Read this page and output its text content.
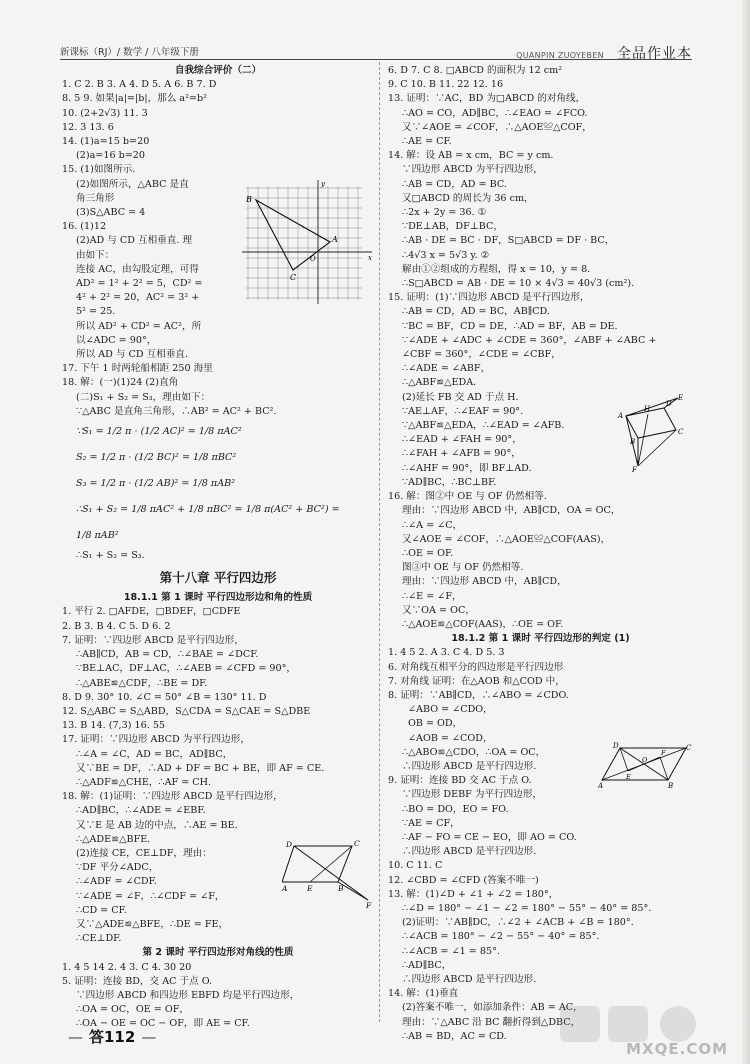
新课标（RJ）/ 数学 / 八年级下册	QUANPIN ZUOYEBEN 全品作业本
自我综合评价（二）
1. C 2. B 3. A 4. D 5. A 6. B 7. D
8. 5 9. 如果|a|=|b|，那么 a²=b²
10. (2+2√3) 11. 3
12. 3 13. 6
14. (1)a=15 b=20
(2)a=16 b=20
15. (1)如图所示.
(2)如图所示，△ABC 是直
角三角形
(3)S△ABC = 4
16. (1)12
(2)AD 与 CD 互相垂直. 理
由如下：
连接 AC，由勾股定理，可得
AD² = 1² + 2² = 5，CD² =
4² + 2² = 20，AC² = 3² +
5² = 25.
所以 AD² + CD² = AC²，所
以∠ADC = 90°，
所以 AD 与 CD 互相垂直.
17. 下午 1 时两轮船相距 250 海里
18. 解：(一)(1)24 (2)直角
(二)S₁ + S₂ = S₃，理由如下：
∵△ABC 是直角三角形，∴AB² = AC² + BC².
∵S₁ = 1/2 π · (1/2 AC)² = 1/8 πAC²
S₂ = 1/2 π · (1/2 BC)² = 1/8 πBC²
S₃ = 1/2 π · (1/2 AB)² = 1/8 πAB²
∴S₁ + S₂ = 1/8 πAC² + 1/8 πBC² = 1/8 π(AC² + BC²) =
1/8 πAB²
∴S₁ + S₂ = S₃.
第十八章 平行四边形
18.1.1 第 1 课时 平行四边形边和角的性质
1. 平行 2. □AFDE，□BDEF，□CDFE
2. B 3. B 4. C 5. D 6. 2
7. 证明：∵四边形 ABCD 是平行四边形，
∴AB∥CD，AB = CD，∴∠BAE = ∠DCF.
∵BE⊥AC，DF⊥AC，∴∠AEB = ∠CFD = 90°，
∴△ABE≌△CDF，∴BE = DF.
8. D 9. 30° 10. ∠C = 50° ∠B = 130° 11. D
12. S△ABC = S△ABD，S△CDA = S△CAE = S△DBE
13. B 14. (7,3) 16. 55
17. 证明：∵四边形 ABCD 为平行四边形，
∴∠A = ∠C，AD = BC，AD∥BC，
又∵BE = DF，∴AD + DF = BC + BE，即 AF = CE.
∴△ADF≌△CHE，∴AF = CH.
18. 解：(1)证明：∵四边形 ABCD 是平行四边形，
∴AD∥BC，∴∠ADE = ∠EBF.
又∵E 是 AB 边的中点，∴AE = BE.
∴△ADE≌△BFE.
(2)连接 CE，CE⊥DF，理由：
∵DF 平分∠ADC，
∴∠ADF = ∠CDF.
∵∠ADE = ∠F，∴∠CDF = ∠F，
∴CD = CF.
又∵△ADE≌△BFE，∴DE = FE，
∴CE⊥DF.
第 2 课时 平行四边形对角线的性质
1. 4 5 14 2. 4 3. C 4. 30 20
5. 证明：连接 BD，交 AC 于点 O.
∵四边形 ABCD 和四边形 EBFD 均是平行四边形，
∴OA = OC，OE = OF，
∴OA − OE = OC − OF，即 AE = CF.
6. D 7. C 8. □ABCD 的面积为 12 cm²
9. C 10. B 11. 22 12. 16
13. 证明：∵AC，BD 为□ABCD 的对角线，
∴AO = CO，AD∥BC，∴∠EAO = ∠FCO.
又∵∠AOE = ∠COF，∴△AOE≌△COF，
∴AE = CF.
14. 解：设 AB = x cm，BC = y cm.
∵四边形 ABCD 为平行四边形，
∴AB = CD，AD = BC.
又□ABCD 的周长为 36 cm，
∴2x + 2y = 36. ①
∵DE⊥AB，DF⊥BC，
∴AB · DE = BC · DF，S□ABCD = DF · BC，
∴4√3 x = 5√3 y. ②
解由①②组成的方程组，得 x = 10，y = 8.
∴S□ABCD = AB · DE = 10 × 4√3 = 40√3 (cm²).
15. 证明：(1)∵四边形 ABCD 是平行四边形，
∴AB = CD，AD = BC，AB∥CD.
∵BC = BF，CD = DE，∴AD = BF，AB = DE.
∵∠ADE + ∠ADC + ∠CDE = 360°，∠ABF + ∠ABC +
∠CBF = 360°，∠CDE = ∠CBF，
∴∠ADE = ∠ABF，
∴△ABF≌△EDA.
(2)延长 FB 交 AD 于点 H.
∵AE⊥AF，∴∠EAF = 90°.
∵△ABF≌△EDA，∴∠EAD = ∠AFB.
∴∠EAD + ∠FAH = 90°，
∴∠FAH + ∠AFB = 90°，
∴∠AHF = 90°，即 BF⊥AD.
∵AD∥BC，∴BC⊥BF.
16. 解：图②中 OE 与 OF 仍然相等.
理由：∵四边形 ABCD 中，AB∥CD，OA = OC，
∴∠A = ∠C，
又∠AOE = ∠COF，∴△AOE≌△COF(AAS)，
∴OE = OF.
图③中 OE 与 OF 仍然相等.
理由：∵四边形 ABCD 中，AB∥CD，
∴∠E = ∠F，
又∵OA = OC，
∴△AOE≌△COF(AAS)，∴OE = OF.
18.1.2 第 1 课时 平行四边形的判定 (1)
1. 4 5 2. A 3. C 4. D 5. 3
6. 对角线互相平分的四边形是平行四边形
7. 对角线 证明：在△AOB 和△COD 中，
8. 证明：∵AB∥CD，∴∠ABO = ∠CDO.
∠ABO = ∠CDO，
OB = OD，
∠AOB = ∠COD，
∴△ABO≌△CDO，∴OA = OC，
∴四边形 ABCD 是平行四边形.
9. 证明：连接 BD 交 AC 于点 O.
∵四边形 DEBF 为平行四边形，
∴BO = DO，EO = FO.
∵AE = CF，
∴AF − FO = CE − EO，即 AO = CO.
∴四边形 ABCD 是平行四边形.
10. C 11. C
12. ∠CBD = ∠CFD (答案不唯一)
13. 解：(1)∠D + ∠1 + ∠2 = 180°，
∴∠D = 180° − ∠1 − ∠2 = 180° − 55° − 40° = 85°.
(2)证明：∵AB∥DC，∴∠2 + ∠ACB + ∠B = 180°.
∴∠ACB = 180° − ∠2 − 55° − 40° = 85°.
∴∠ACB = ∠1 = 85°.
∴AD∥BC，
∴四边形 ABCD 是平行四边形.
14. 解：(1)垂直
(2)答案不唯一，如添加条件：AB = AC，
理由：∵△ABC 沿 BC 翻折得到△DBC，
∴AB = BD，AC = CD.
B
A
C
O	x
y
D	C
A	E	B
F
A
H
E
D
B
C
F
D	C
A	B
E
F
O
— 答112 —
MXQE.COM
